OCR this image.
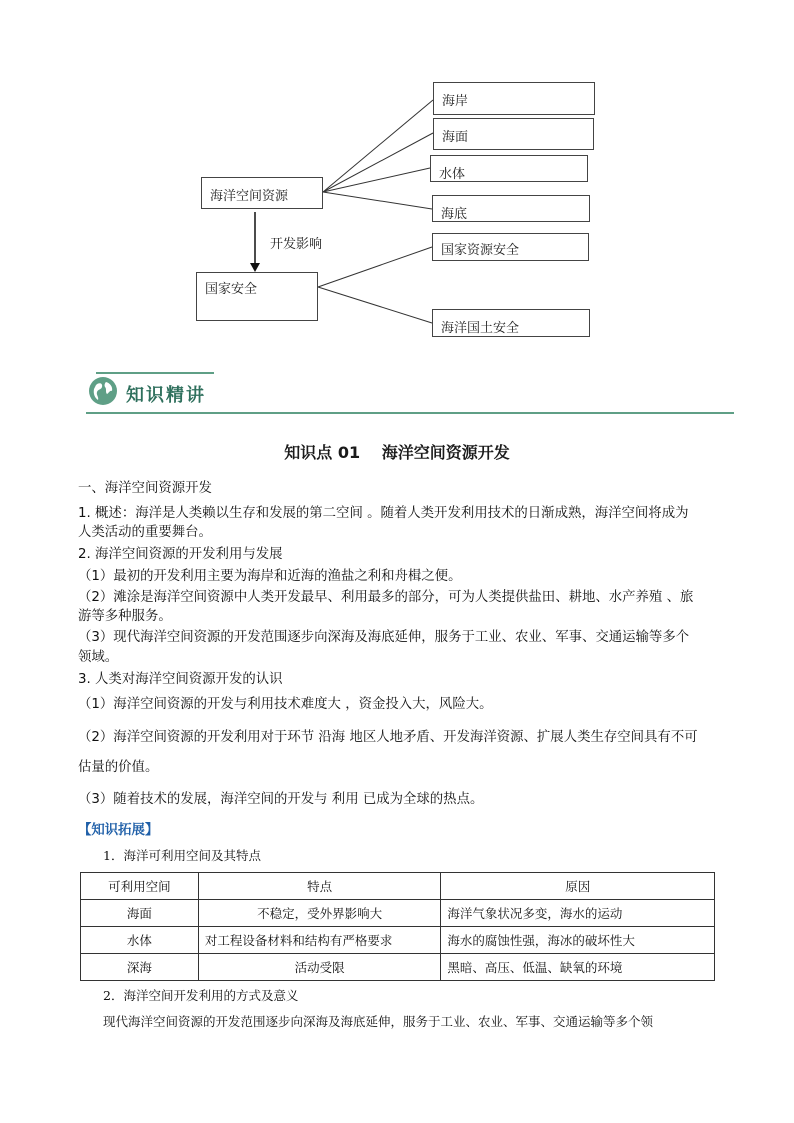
海洋空间资源
海岸
海面
水体
海底
开发影响
国家安全
国家资源安全
海洋国土安全
知识精讲
知识点 01 海洋空间资源开发
一、海洋空间资源开发
1. 概述：海洋是人类赖以生存和发展的第二空间 。随着人类开发利用技术的日渐成熟，海洋空间将成为
人类活动的重要舞台。
2. 海洋空间资源的开发利用与发展
（1）最初的开发利用主要为海岸和近海的渔盐之利和舟楫之便。
（2）滩涂是海洋空间资源中人类开发最早、利用最多的部分，可为人类提供盐田、耕地、水产养殖 、旅
游等多种服务。
（3）现代海洋空间资源的开发范围逐步向深海及海底延伸，服务于工业、农业、军事、交通运输等多个
领域。
3. 人类对海洋空间资源开发的认识
（1）海洋空间资源的开发与利用技术难度大 ，资金投入大，风险大。
（2）海洋空间资源的开发利用对于环节 沿海 地区人地矛盾、开发海洋资源、扩展人类生存空间具有不可
估量的价值。
（3）随着技术的发展，海洋空间的开发与 利用 已成为全球的热点。
【知识拓展】
1．海洋可利用空间及其特点
可利用空间	特点	原因
海面	不稳定，受外界影响大	海洋气象状况多变，海水的运动
水体	对工程设备材料和结构有严格要求	海水的腐蚀性强，海冰的破坏性大
深海	活动受限	黑暗、高压、低温、缺氧的环境
2．海洋空间开发利用的方式及意义
现代海洋空间资源的开发范围逐步向深海及海底延伸，服务于工业、农业、军事、交通运输等多个领
